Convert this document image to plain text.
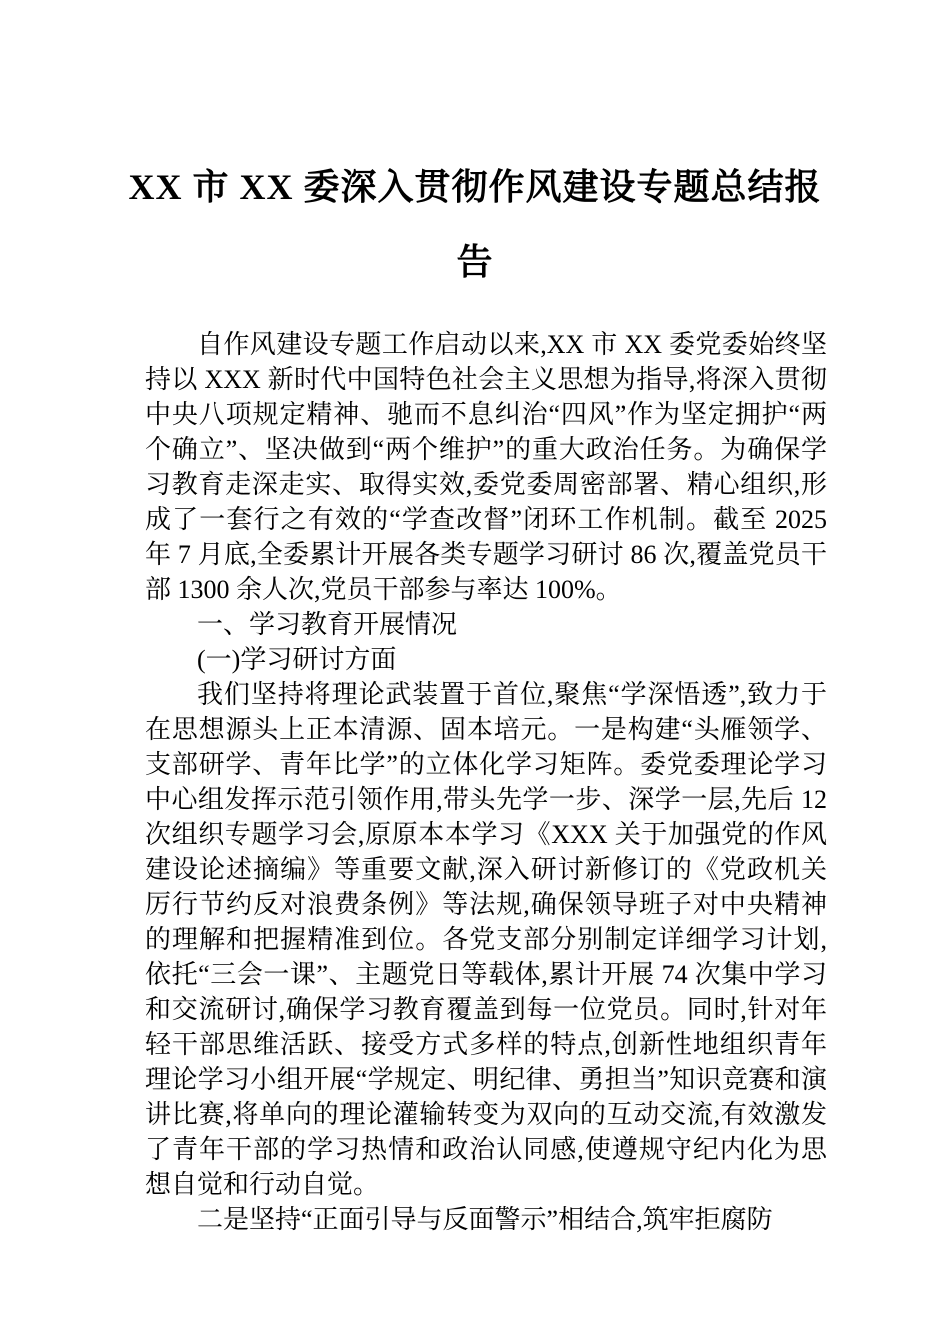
XX 市 XX 委深入贯彻作风建设专题总结报
告

自作风建设专题工作启动以来,XX 市 XX 委党委始终坚持以 XXX 新时代中国特色社会主义思想为指导,将深入贯彻中央八项规定精神、驰而不息纠治“四风”作为坚定拥护“两个确立”、坚决做到“两个维护”的重大政治任务。为确保学习教育走深走实、取得实效,委党委周密部署、精心组织,形成了一套行之有效的“学查改督”闭环工作机制。截至 2025 年 7 月底,全委累计开展各类专题学习研讨 86 次,覆盖党员干部 1300 余人次,党员干部参与率达 100%。

一、学习教育开展情况

(一)学习研讨方面

我们坚持将理论武装置于首位,聚焦“学深悟透”,致力于在思想源头上正本清源、固本培元。一是构建“头雁领学、支部研学、青年比学”的立体化学习矩阵。委党委理论学习中心组发挥示范引领作用,带头先学一步、深学一层,先后 12 次组织专题学习会,原原本本学习《XXX 关于加强党的作风建设论述摘编》等重要文献,深入研讨新修订的《党政机关厉行节约反对浪费条例》等法规,确保领导班子对中央精神的理解和把握精准到位。各党支部分别制定详细学习计划,依托“三会一课”、主题党日等载体,累计开展 74 次集中学习和交流研讨,确保学习教育覆盖到每一位党员。同时,针对年轻干部思维活跃、接受方式多样的特点,创新性地组织青年理论学习小组开展“学规定、明纪律、勇担当”知识竞赛和演讲比赛,将单向的理论灌输转变为双向的互动交流,有效激发了青年干部的学习热情和政治认同感,使遵规守纪内化为思想自觉和行动自觉。

二是坚持“正面引导与反面警示”相结合,筑牢拒腐防
